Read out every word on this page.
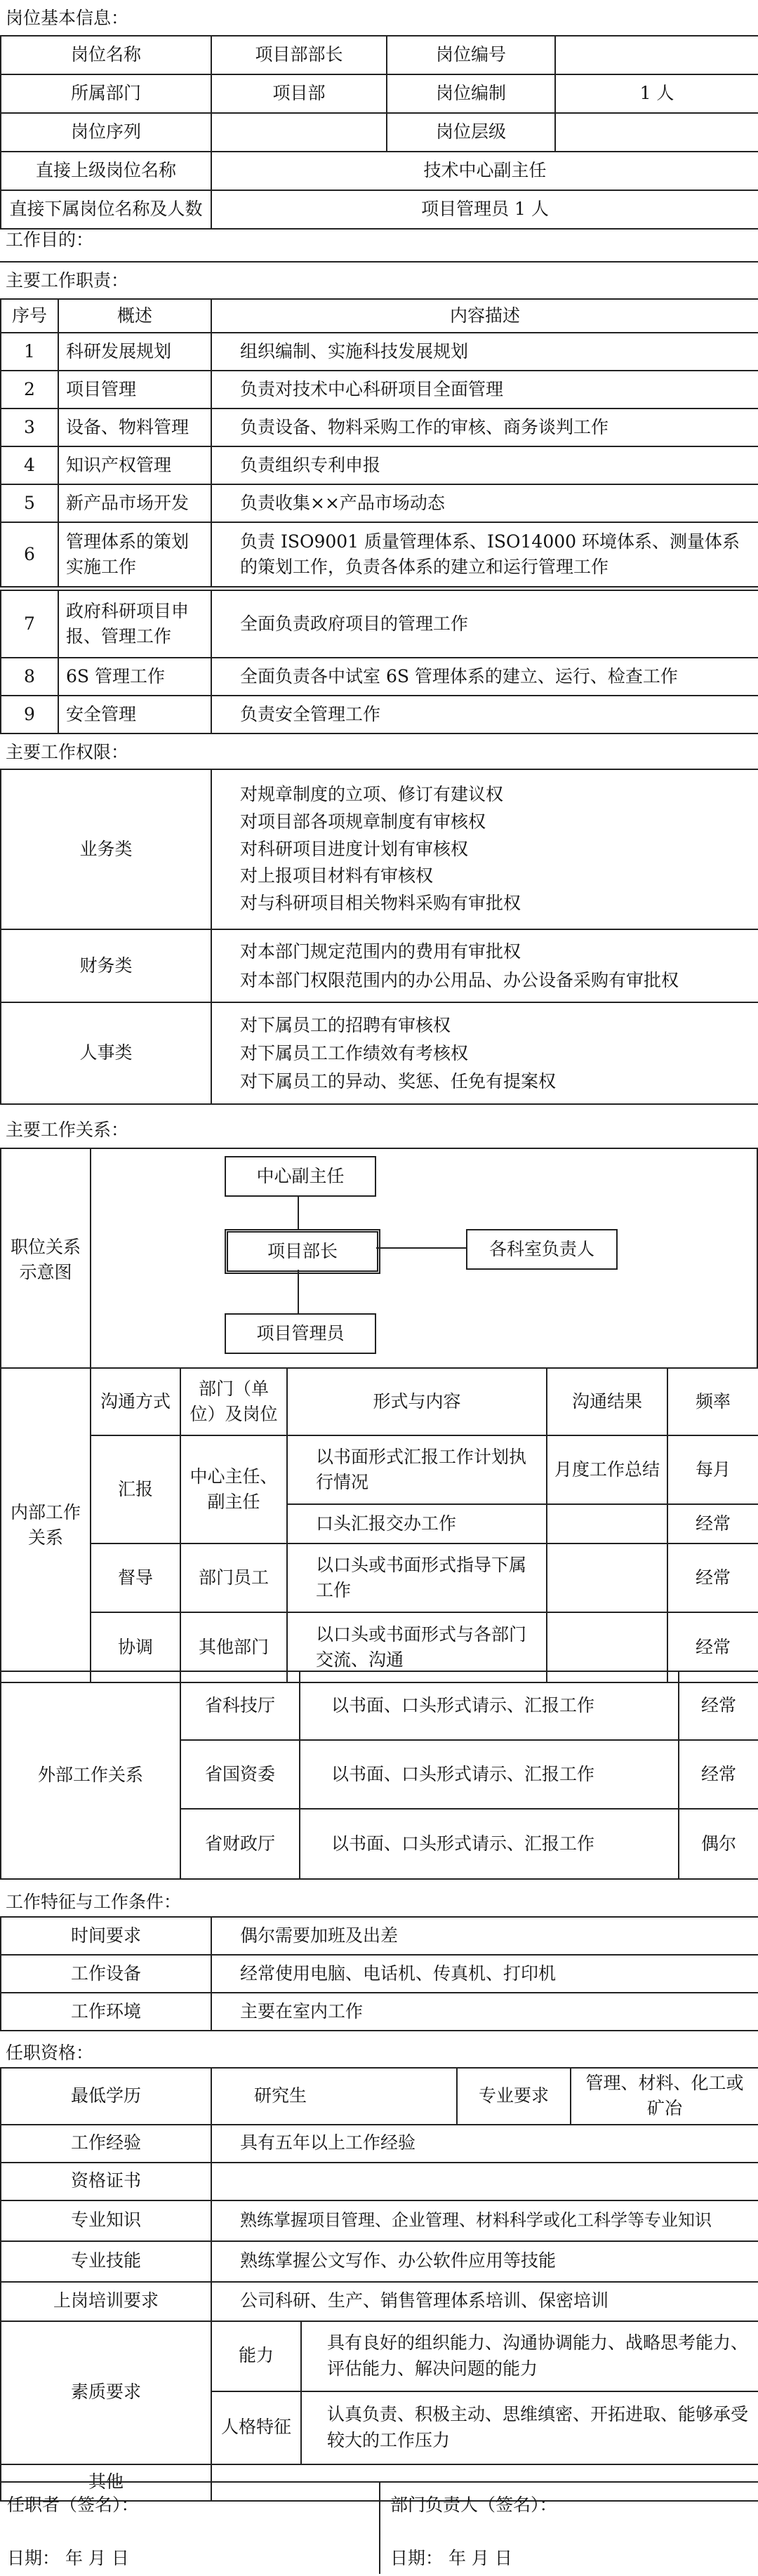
岗位基本信息：
岗位名称	项目部部长	岗位编号	
所属部门	项目部	岗位编制	1 人
岗位序列		岗位层级	
直接上级岗位名称	技术中心副主任		
直接下属岗位名称及人数	项目管理员 1 人		
工作目的：
主要工作职责：
序号	概述	内容描述
1	科研发展规划	组织编制、实施科技发展规划
2	项目管理	负责对技术中心科研项目全面管理
3	设备、物料管理	负责设备、物料采购工作的审核、商务谈判工作
4	知识产权管理	负责组织专利申报
5	新产品市场开发	负责收集××产品市场动态
6	管理体系的策划实施工作	负责 ISO9001 质量管理体系、ISO14000 环境体系、测量体系的策划工作，负责各体系的建立和运行管理工作
7	政府科研项目申报、管理工作	全面负责政府项目的管理工作
8	6S 管理工作	全面负责各中试室 6S 管理体系的建立、运行、检查工作
9	安全管理	负责安全管理工作
主要工作权限：
业务类	对规章制度的立项、修订有建议权
对项目部各项规章制度有审核权
对科研项目进度计划有审核权
对上报项目材料有审核权
对与科研项目相关物料采购有审批权

财务类	对本部门规定范围内的费用有审批权
对本部门权限范围内的办公用品、办公设备采购有审批权

人事类	对下属员工的招聘有审核权
对下属员工工作绩效有考核权
对下属员工的异动、奖惩、任免有提案权
主要工作关系：
职位关系示意图
中心副主任
项目部长	各科室负责人
项目管理员
内部工作关系	沟通方式	部门（单位）及岗位	形式与内容	沟通结果	频率
	汇报	中心主任、副主任	以书面形式汇报工作计划执行情况	月度工作总结	每月
			口头汇报交办工作		经常
	督导	部门员工	以口头或书面形式指导下属工作		经常
	协调	其他部门	以口头或书面形式与各部门交流、沟通		经常
外部工作关系	省科技厅	以书面、口头形式请示、汇报工作	经常
	省国资委	以书面、口头形式请示、汇报工作	经常
	省财政厅	以书面、口头形式请示、汇报工作	偶尔
工作特征与工作条件：
时间要求	偶尔需要加班及出差
工作设备	经常使用电脑、电话机、传真机、打印机
工作环境	主要在室内工作
任职资格：
最低学历	研究生		专业要求	管理、材料、化工或矿冶
工作经验	具有五年以上工作经验			
资格证书				
专业知识	熟练掌握项目管理、企业管理、材料科学或化工科学等专业知识			
专业技能	熟练掌握公文写作、办公软件应用等技能			
上岗培训要求	公司科研、生产、销售管理体系培训、保密培训			
素质要求	能力	具有良好的组织能力、沟通协调能力、战略思考能力、评估能力、解决问题的能力		
	人格特征	认真负责、积极主动、思维缜密、开拓进取、能够承受较大的工作压力		
其他				
任职者（签名）：
日期： 年 月 日
部门负责人（签名）：
日期： 年 月 日
